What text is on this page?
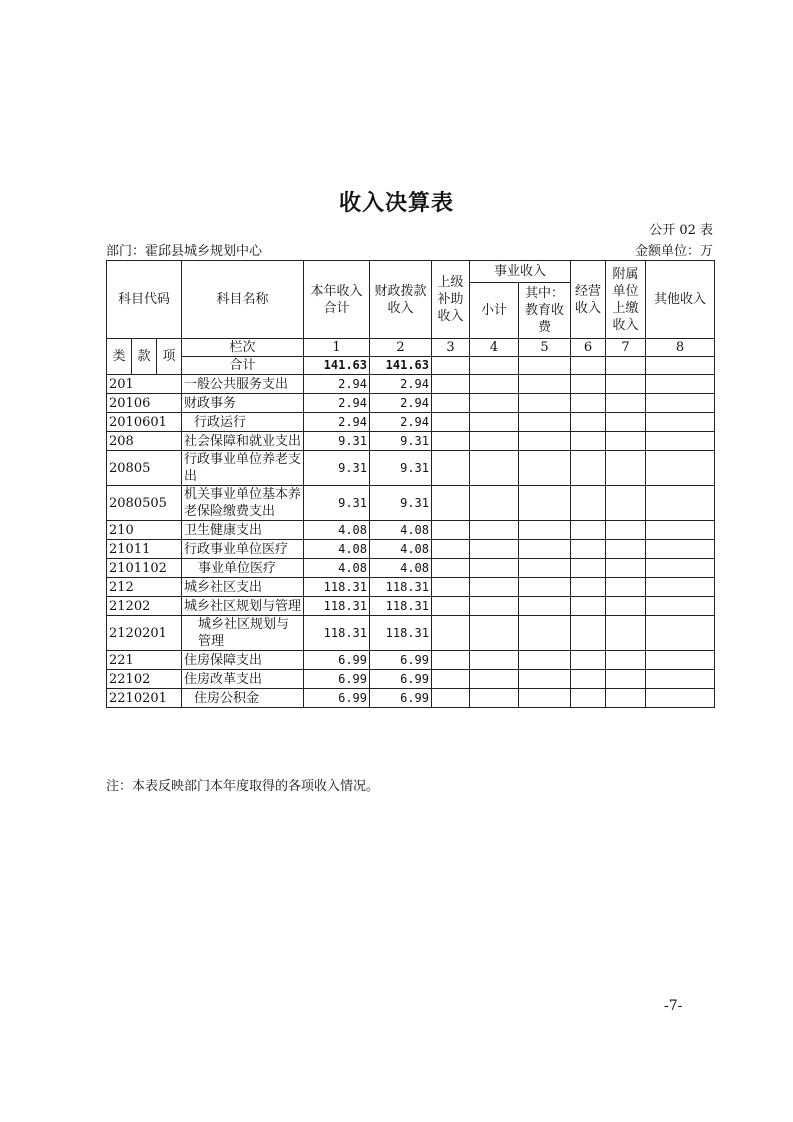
收入决算表
公开 02 表
部门：霍邱县城乡规划中心	金额单位：万
科目代码			科目名称	本年收入合计	财政拨款收入	上级补助收入	事业收入		经营收入	附属单位上缴收入	其他收入
							小计	其中：教育收费			

类	款	项	栏次	1	2	3	4	5	6	7	8
			合计	141.63	141.63						
201			一般公共服务支出	2.94	2.94						
20106			财政事务	2.94	2.94						
2010601			行政运行	2.94	2.94						
208			社会保障和就业支出	9.31	9.31						
20805			行政事业单位养老支出	9.31	9.31						
2080505			机关事业单位基本养老保险缴费支出	9.31	9.31						
210			卫生健康支出	4.08	4.08						
21011			行政事业单位医疗	4.08	4.08						
2101102			事业单位医疗	4.08	4.08						
212			城乡社区支出	118.31	118.31						
21202			城乡社区规划与管理	118.31	118.31						
2120201			城乡社区规划与管理	118.31	118.31						
221			住房保障支出	6.99	6.99						
22102			住房改革支出	6.99	6.99						
2210201			住房公积金	6.99	6.99						
注：本表反映部门本年度取得的各项收入情况。
-7-
